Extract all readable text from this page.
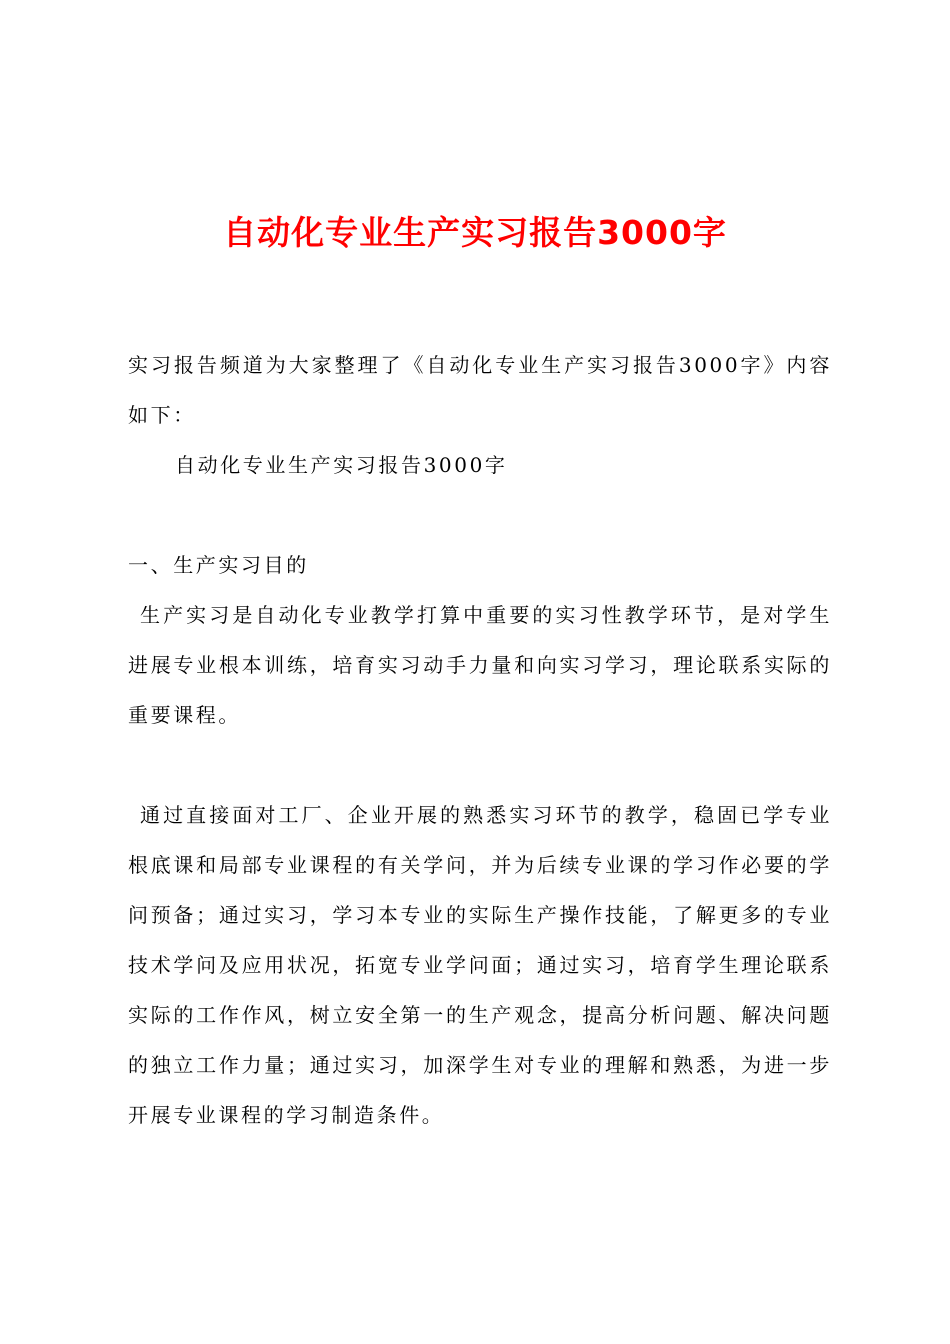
自动化专业生产实习报告3000字
实习报告频道为大家整理了《自动化专业生产实习报告3000字》内容如下：
自动化专业生产实习报告3000字
一、生产实习目的
生产实习是自动化专业教学打算中重要的实习性教学环节，是对学生进展专业根本训练，培育实习动手力量和向实习学习，理论联系实际的重要课程。
通过直接面对工厂、企业开展的熟悉实习环节的教学，稳固已学专业根底课和局部专业课程的有关学问，并为后续专业课的学习作必要的学问预备；通过实习，学习本专业的实际生产操作技能，了解更多的专业技术学问及应用状况，拓宽专业学问面；通过实习，培育学生理论联系实际的工作作风，树立安全第一的生产观念，提高分析问题、解决问题的独立工作力量；通过实习，加深学生对专业的理解和熟悉，为进一步开展专业课程的学习制造条件。
